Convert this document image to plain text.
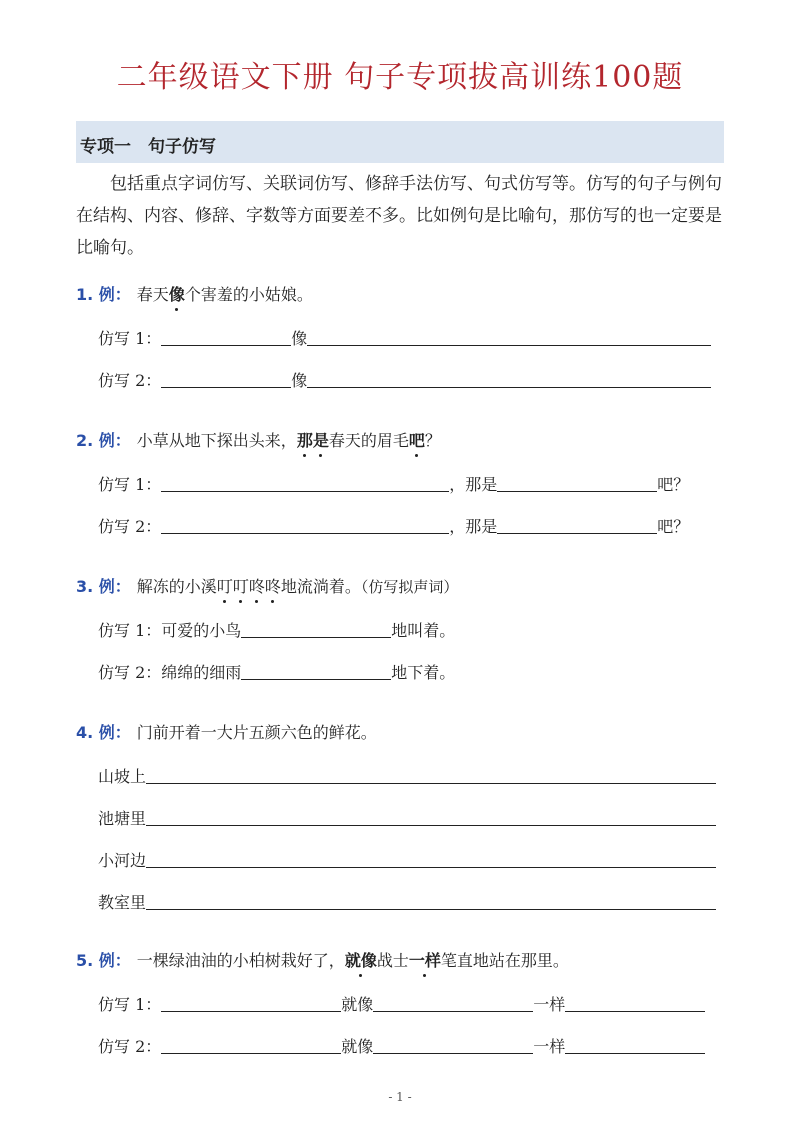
二年级语文下册 句子专项拔高训练100题
专项一　句子仿写
包括重点字词仿写、关联词仿写、修辞手法仿写、句式仿写等。仿写的句子与例句在结构、内容、修辞、字数等方面要差不多。比如例句是比喻句，那仿写的也一定要是比喻句。
1. 例： 春天像个害羞的小姑娘。
仿写 1：	像
仿写 2：	像
2. 例： 小草从地下探出头来，那是春天的眉毛吧？
仿写 1：	，那是	吧？
仿写 2：	，那是	吧？
3. 例： 解冻的小溪叮叮咚咚地流淌着。（仿写拟声词）
仿写 1：可爱的小鸟	地叫着。
仿写 2：绵绵的细雨	地下着。
4. 例： 门前开着一大片五颜六色的鲜花。
山坡上
池塘里
小河边
教室里
5. 例： 一棵绿油油的小柏树栽好了，就像战士一样笔直地站在那里。
仿写 1：	就像	一样
仿写 2：	就像	一样
- 1 -
